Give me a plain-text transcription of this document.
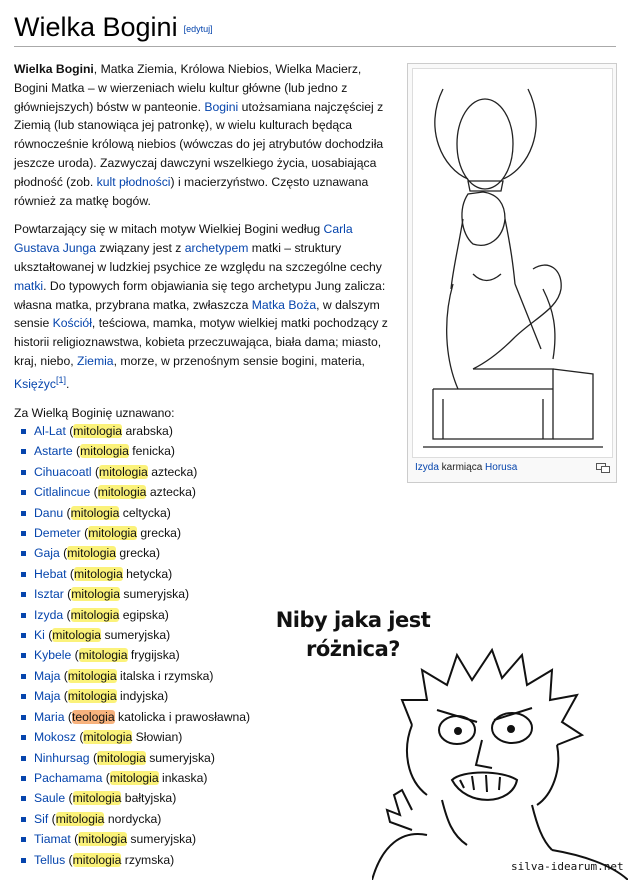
Wielka Bogini [edytuj]

Wielka Bogini, Matka Ziemia, Królowa Niebios, Wielka Macierz, Bogini Matka – w wierzeniach wielu kultur główne (lub jedno z główniejszych) bóstw w panteonie. Bogini utożsamiana najczęściej z Ziemią (lub stanowiąca jej patronkę), w wielu kulturach będąca równocześnie królową niebios (wówczas do jej atrybutów dochodziła jeszcze uroda). Zazwyczaj dawczyni wszelkiego życia, uosabiająca płodność (zob. kult płodności) i macierzyństwo. Często uznawana również za matkę bogów.

Powtarzający się w mitach motyw Wielkiej Bogini według Carla Gustava Junga związany jest z archetypem matki – struktury ukształtowanej w ludzkiej psychice ze względu na szczególne cechy matki. Do typowych form objawiania się tego archetypu Jung zalicza: własna matka, przybrana matka, zwłaszcza Matka Boża, w dalszym sensie Kościół, teściowa, mamka, motyw wielkiej matki pochodzący z historii religioznawstwa, kobieta przeczuwająca, biała dama; miasto, kraj, niebo, Ziemia, morze, w przenośnym sensie bogini, materia, Księżyc[1].

Za Wielką Boginię uznawano:

Al-Lat (mitologia arabska)
Astarte (mitologia fenicka)
Cihuacoatl (mitologia aztecka)
Citlalincue (mitologia aztecka)
Danu (mitologia celtycka)
Demeter (mitologia grecka)
Gaja (mitologia grecka)
Hebat (mitologia hetycka)
Isztar (mitologia sumeryjska)
Izyda (mitologia egipska)
Ki (mitologia sumeryjska)
Kybele (mitologia frygijska)
Maja (mitologia italska i rzymska)
Maja (mitologia indyjska)
Maria (teologia katolicka i prawosławna)
Mokosz (mitologia Słowian)
Ninhursag (mitologia sumeryjska)
Pachamama (mitologia inkaska)
Saule (mitologia bałtyjska)
Sif (mitologia nordycka)
Tiamat (mitologia sumeryjska)
Tellus (mitologia rzymska)
Izyda karmiąca Horusa
Niby jaka jest
różnica?
silva-idearum.net
